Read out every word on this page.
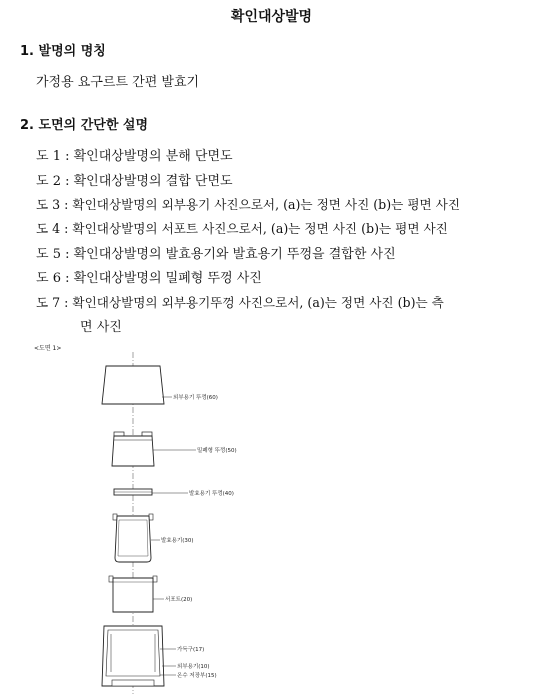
확인대상발명
1. 발명의 명칭
가정용 요구르트 간편 발효기
2. 도면의 간단한 설명
도 1 : 확인대상발명의 분해 단면도
도 2 : 확인대상발명의 결합 단면도
도 3 : 확인대상발명의 외부용기 사진으로서, (a)는 정면 사진 (b)는 평면 사진
도 4 : 확인대상발명의 서포트 사진으로서, (a)는 정면 사진 (b)는 평면 사진
도 5 : 확인대상발명의 발효용기와 발효용기 뚜껑을 결합한 사진
도 6 : 확인대상발명의 밀폐형 뚜껑 사진
도 7 : 확인대상발명의 외부용기뚜껑 사진으로서, (a)는 정면 사진 (b)는 측
면 사진
<도면 1>
외부용기 뚜껑(60)
밀폐형 뚜껑(50)
발효용기 뚜껑(40)
발효용기(30)
서포트(20)
가득구(17)
외부용기(10)
온수 저장부(15)
